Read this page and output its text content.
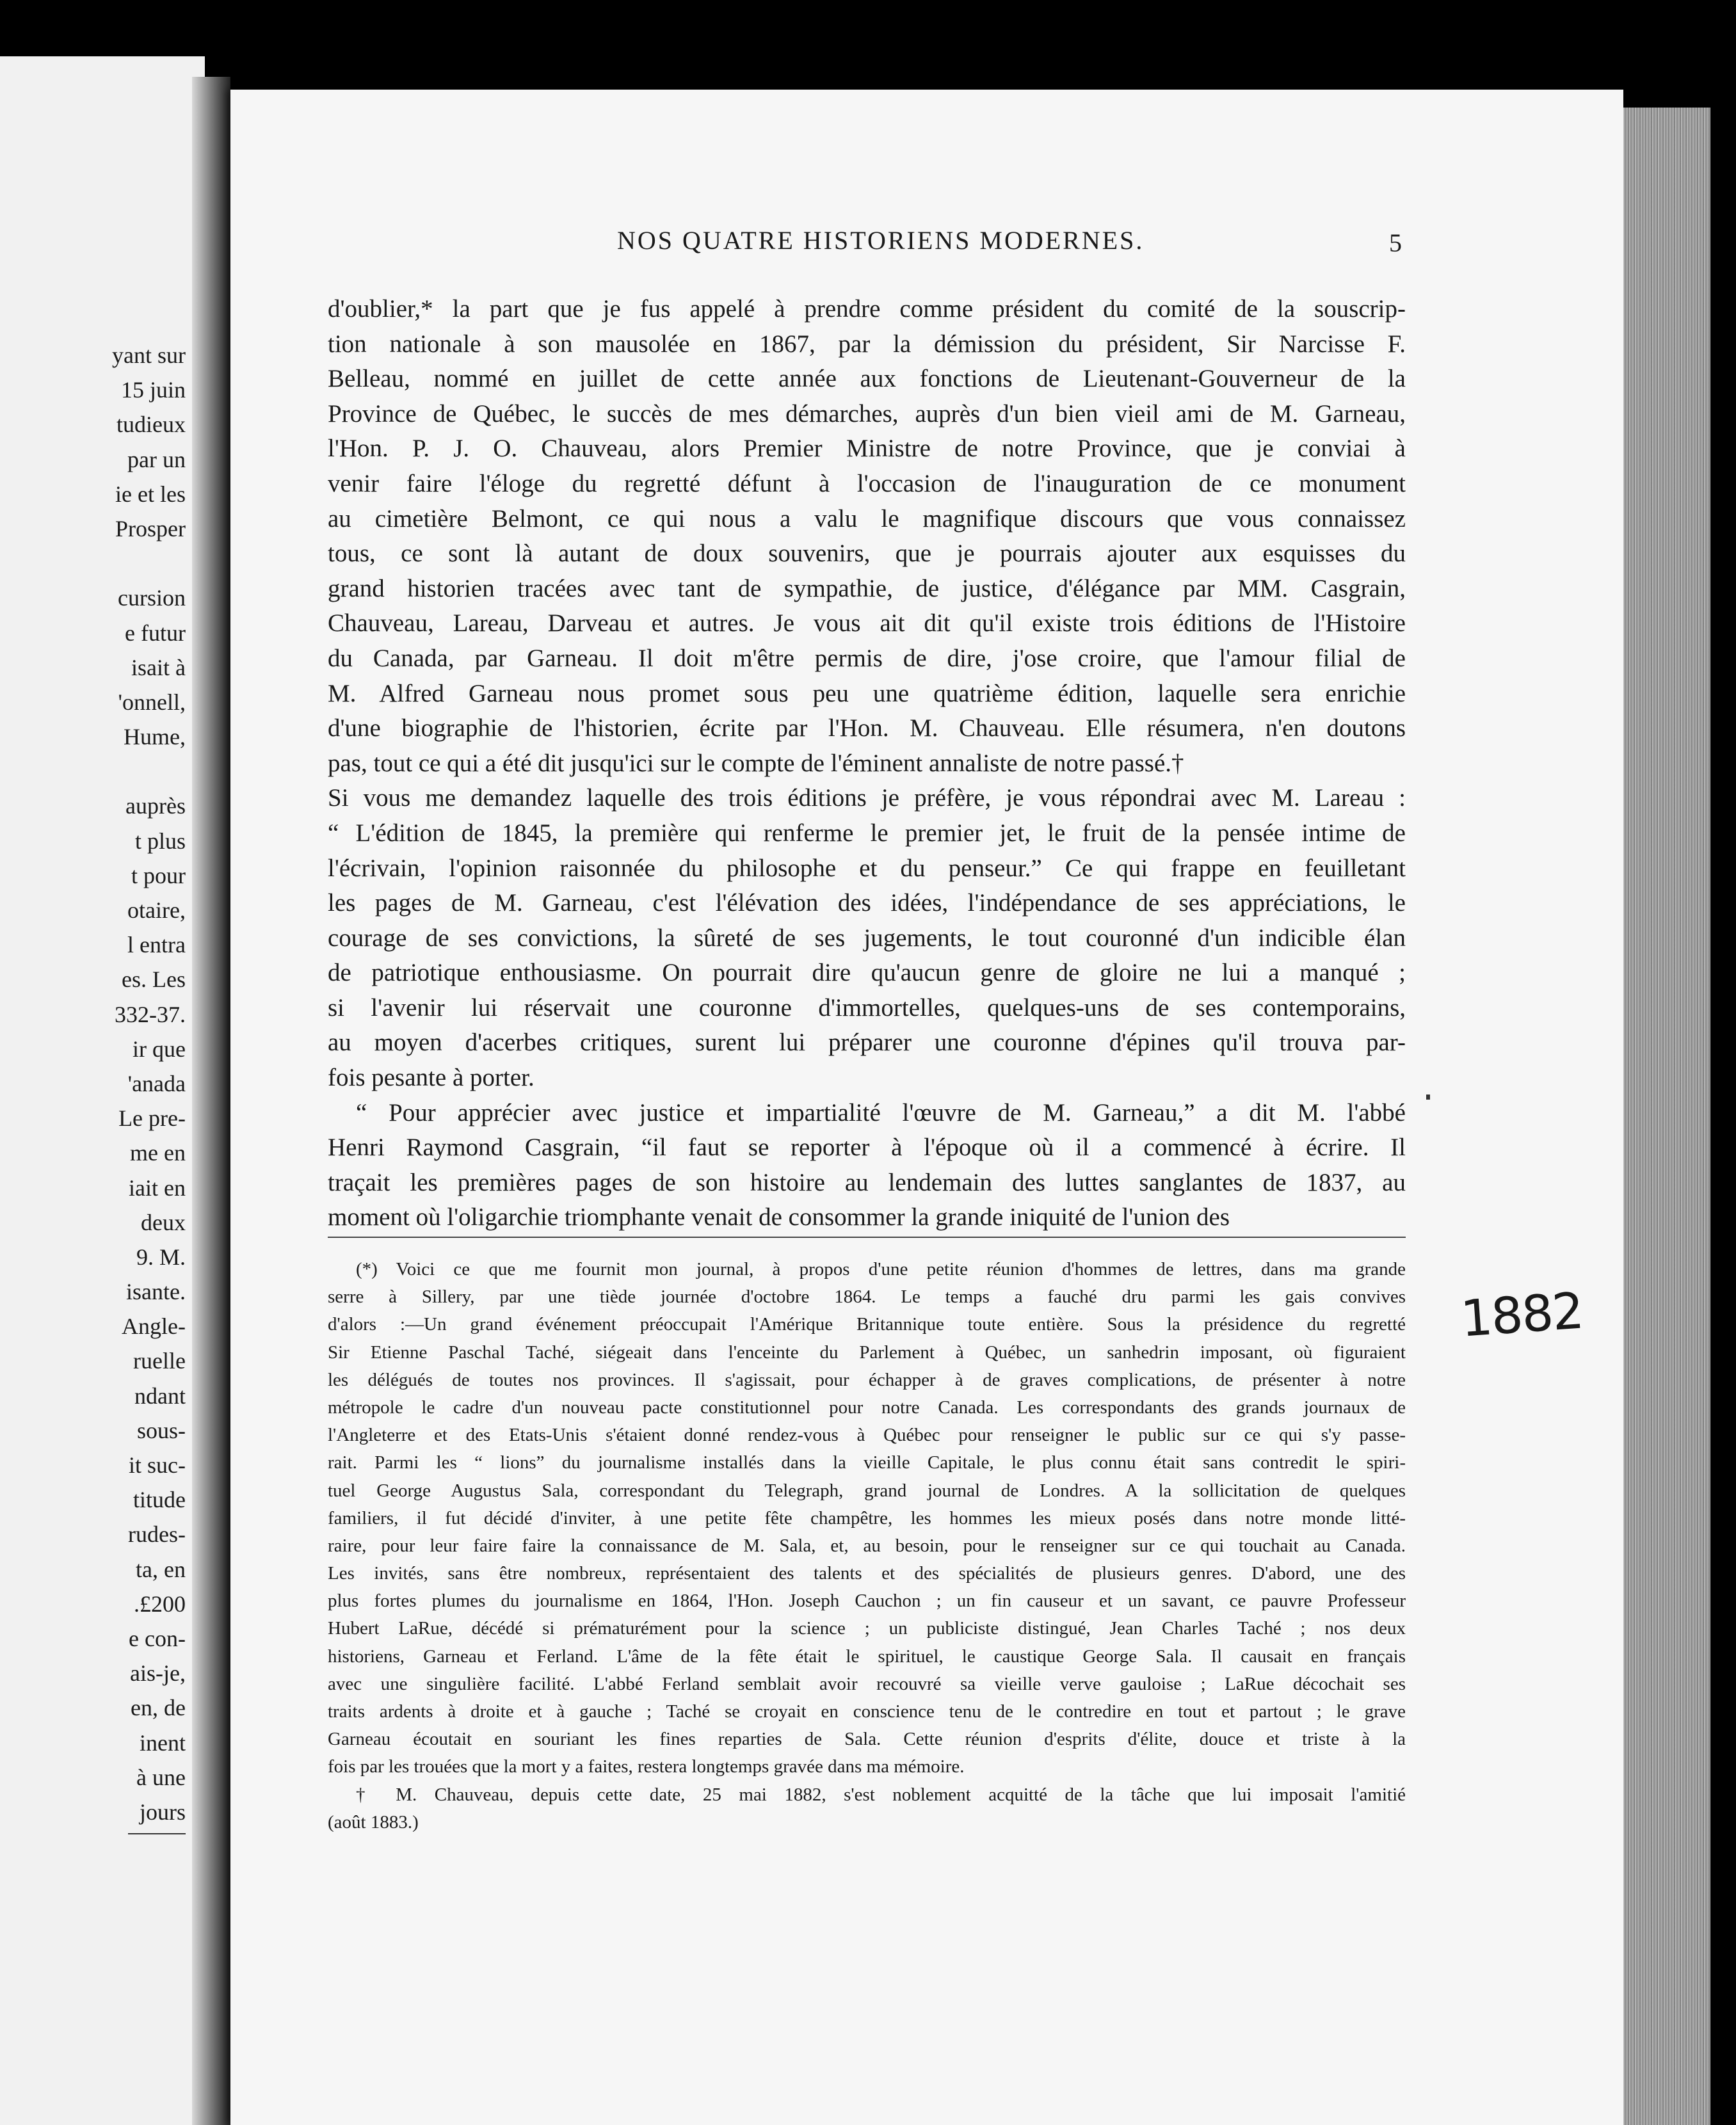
yant sur
15 juin
tudieux
par un
ie et les
Prosper
cursion
e futur
isait à
'onnell,
Hume,
auprès
t plus
t pour
otaire,
l entra
es. Les
332-37.
ir que
'anada
Le pre-
me en
iait en
deux
9. M.
isante.
Angle-
ruelle
ndant
sous-
it suc-
titude
rudes-
ta, en
.£200
e con-
ais-je,
en, de
inent
à une
jours
NOS QUATRE HISTORIENS MODERNES.	5
d'oublier,* la part que je fus appelé à prendre comme président du comité de la souscrip-
tion nationale à son mausolée en 1867, par la démission du président, Sir Narcisse F.
Belleau, nommé en juillet de cette année aux fonctions de Lieutenant-Gouverneur de la
Province de Québec, le succès de mes démarches, auprès d'un bien vieil ami de M. Garneau,
l'Hon. P. J. O. Chauveau, alors Premier Ministre de notre Province, que je conviai à
venir faire l'éloge du regretté défunt à l'occasion de l'inauguration de ce monument
au cimetière Belmont, ce qui nous a valu le magnifique discours que vous connaissez
tous, ce sont là autant de doux souvenirs, que je pourrais ajouter aux esquisses du
grand historien tracées avec tant de sympathie, de justice, d'élégance par MM. Casgrain,
Chauveau, Lareau, Darveau et autres. Je vous ait dit qu'il existe trois éditions de l'Histoire
du Canada, par Garneau. Il doit m'être permis de dire, j'ose croire, que l'amour filial de
M. Alfred Garneau nous promet sous peu une quatrième édition, laquelle sera enrichie
d'une biographie de l'historien, écrite par l'Hon. M. Chauveau. Elle résumera, n'en doutons
pas, tout ce qui a été dit jusqu'ici sur le compte de l'éminent annaliste de notre passé.†
Si vous me demandez laquelle des trois éditions je préfère, je vous répondrai avec M. Lareau :
“ L'édition de 1845, la première qui renferme le premier jet, le fruit de la pensée intime de
l'écrivain, l'opinion raisonnée du philosophe et du penseur.” Ce qui frappe en feuilletant
les pages de M. Garneau, c'est l'élévation des idées, l'indépendance de ses appréciations, le
courage de ses convictions, la sûreté de ses jugements, le tout couronné d'un indicible élan
de patriotique enthousiasme. On pourrait dire qu'aucun genre de gloire ne lui a manqué ;
si l'avenir lui réservait une couronne d'immortelles, quelques-uns de ses contemporains,
au moyen d'acerbes critiques, surent lui préparer une couronne d'épines qu'il trouva par-
fois pesante à porter.
“ Pour apprécier avec justice et impartialité l'œuvre de M. Garneau,” a dit M. l'abbé
Henri Raymond Casgrain, “il faut se reporter à l'époque où il a commencé à écrire. Il
traçait les premières pages de son histoire au lendemain des luttes sanglantes de 1837, au
moment où l'oligarchie triomphante venait de consommer la grande iniquité de l'union des
(*) Voici ce que me fournit mon journal, à propos d'une petite réunion d'hommes de lettres, dans ma grande
serre à Sillery, par une tiède journée d'octobre 1864. Le temps a fauché dru parmi les gais convives
d'alors :—Un grand événement préoccupait l'Amérique Britannique toute entière. Sous la présidence du regretté
Sir Etienne Paschal Taché, siégeait dans l'enceinte du Parlement à Québec, un sanhedrin imposant, où figuraient
les délégués de toutes nos provinces. Il s'agissait, pour échapper à de graves complications, de présenter à notre
métropole le cadre d'un nouveau pacte constitutionnel pour notre Canada. Les correspondants des grands journaux de
l'Angleterre et des Etats-Unis s'étaient donné rendez-vous à Québec pour renseigner le public sur ce qui s'y passe-
rait. Parmi les “ lions” du journalisme installés dans la vieille Capitale, le plus connu était sans contredit le spiri-
tuel George Augustus Sala, correspondant du Telegraph, grand journal de Londres. A la sollicitation de quelques
familiers, il fut décidé d'inviter, à une petite fête champêtre, les hommes les mieux posés dans notre monde litté-
raire, pour leur faire faire la connaissance de M. Sala, et, au besoin, pour le renseigner sur ce qui touchait au Canada.
Les invités, sans être nombreux, représentaient des talents et des spécialités de plusieurs genres. D'abord, une des
plus fortes plumes du journalisme en 1864, l'Hon. Joseph Cauchon ; un fin causeur et un savant, ce pauvre Professeur
Hubert LaRue, décédé si prématurément pour la science ; un publiciste distingué, Jean Charles Taché ; nos deux
historiens, Garneau et Ferland. L'âme de la fête était le spirituel, le caustique George Sala. Il causait en français
avec une singulière facilité. L'abbé Ferland semblait avoir recouvré sa vieille verve gauloise ; LaRue décochait ses
traits ardents à droite et à gauche ; Taché se croyait en conscience tenu de le contredire en tout et partout ; le grave
Garneau écoutait en souriant les fines reparties de Sala. Cette réunion d'esprits d'élite, douce et triste à la
fois par les trouées que la mort y a faites, restera longtemps gravée dans ma mémoire.
† M. Chauveau, depuis cette date, 25 mai 1882, s'est noblement acquitté de la tâche que lui imposait l'amitié
(août 1883.)
1882
